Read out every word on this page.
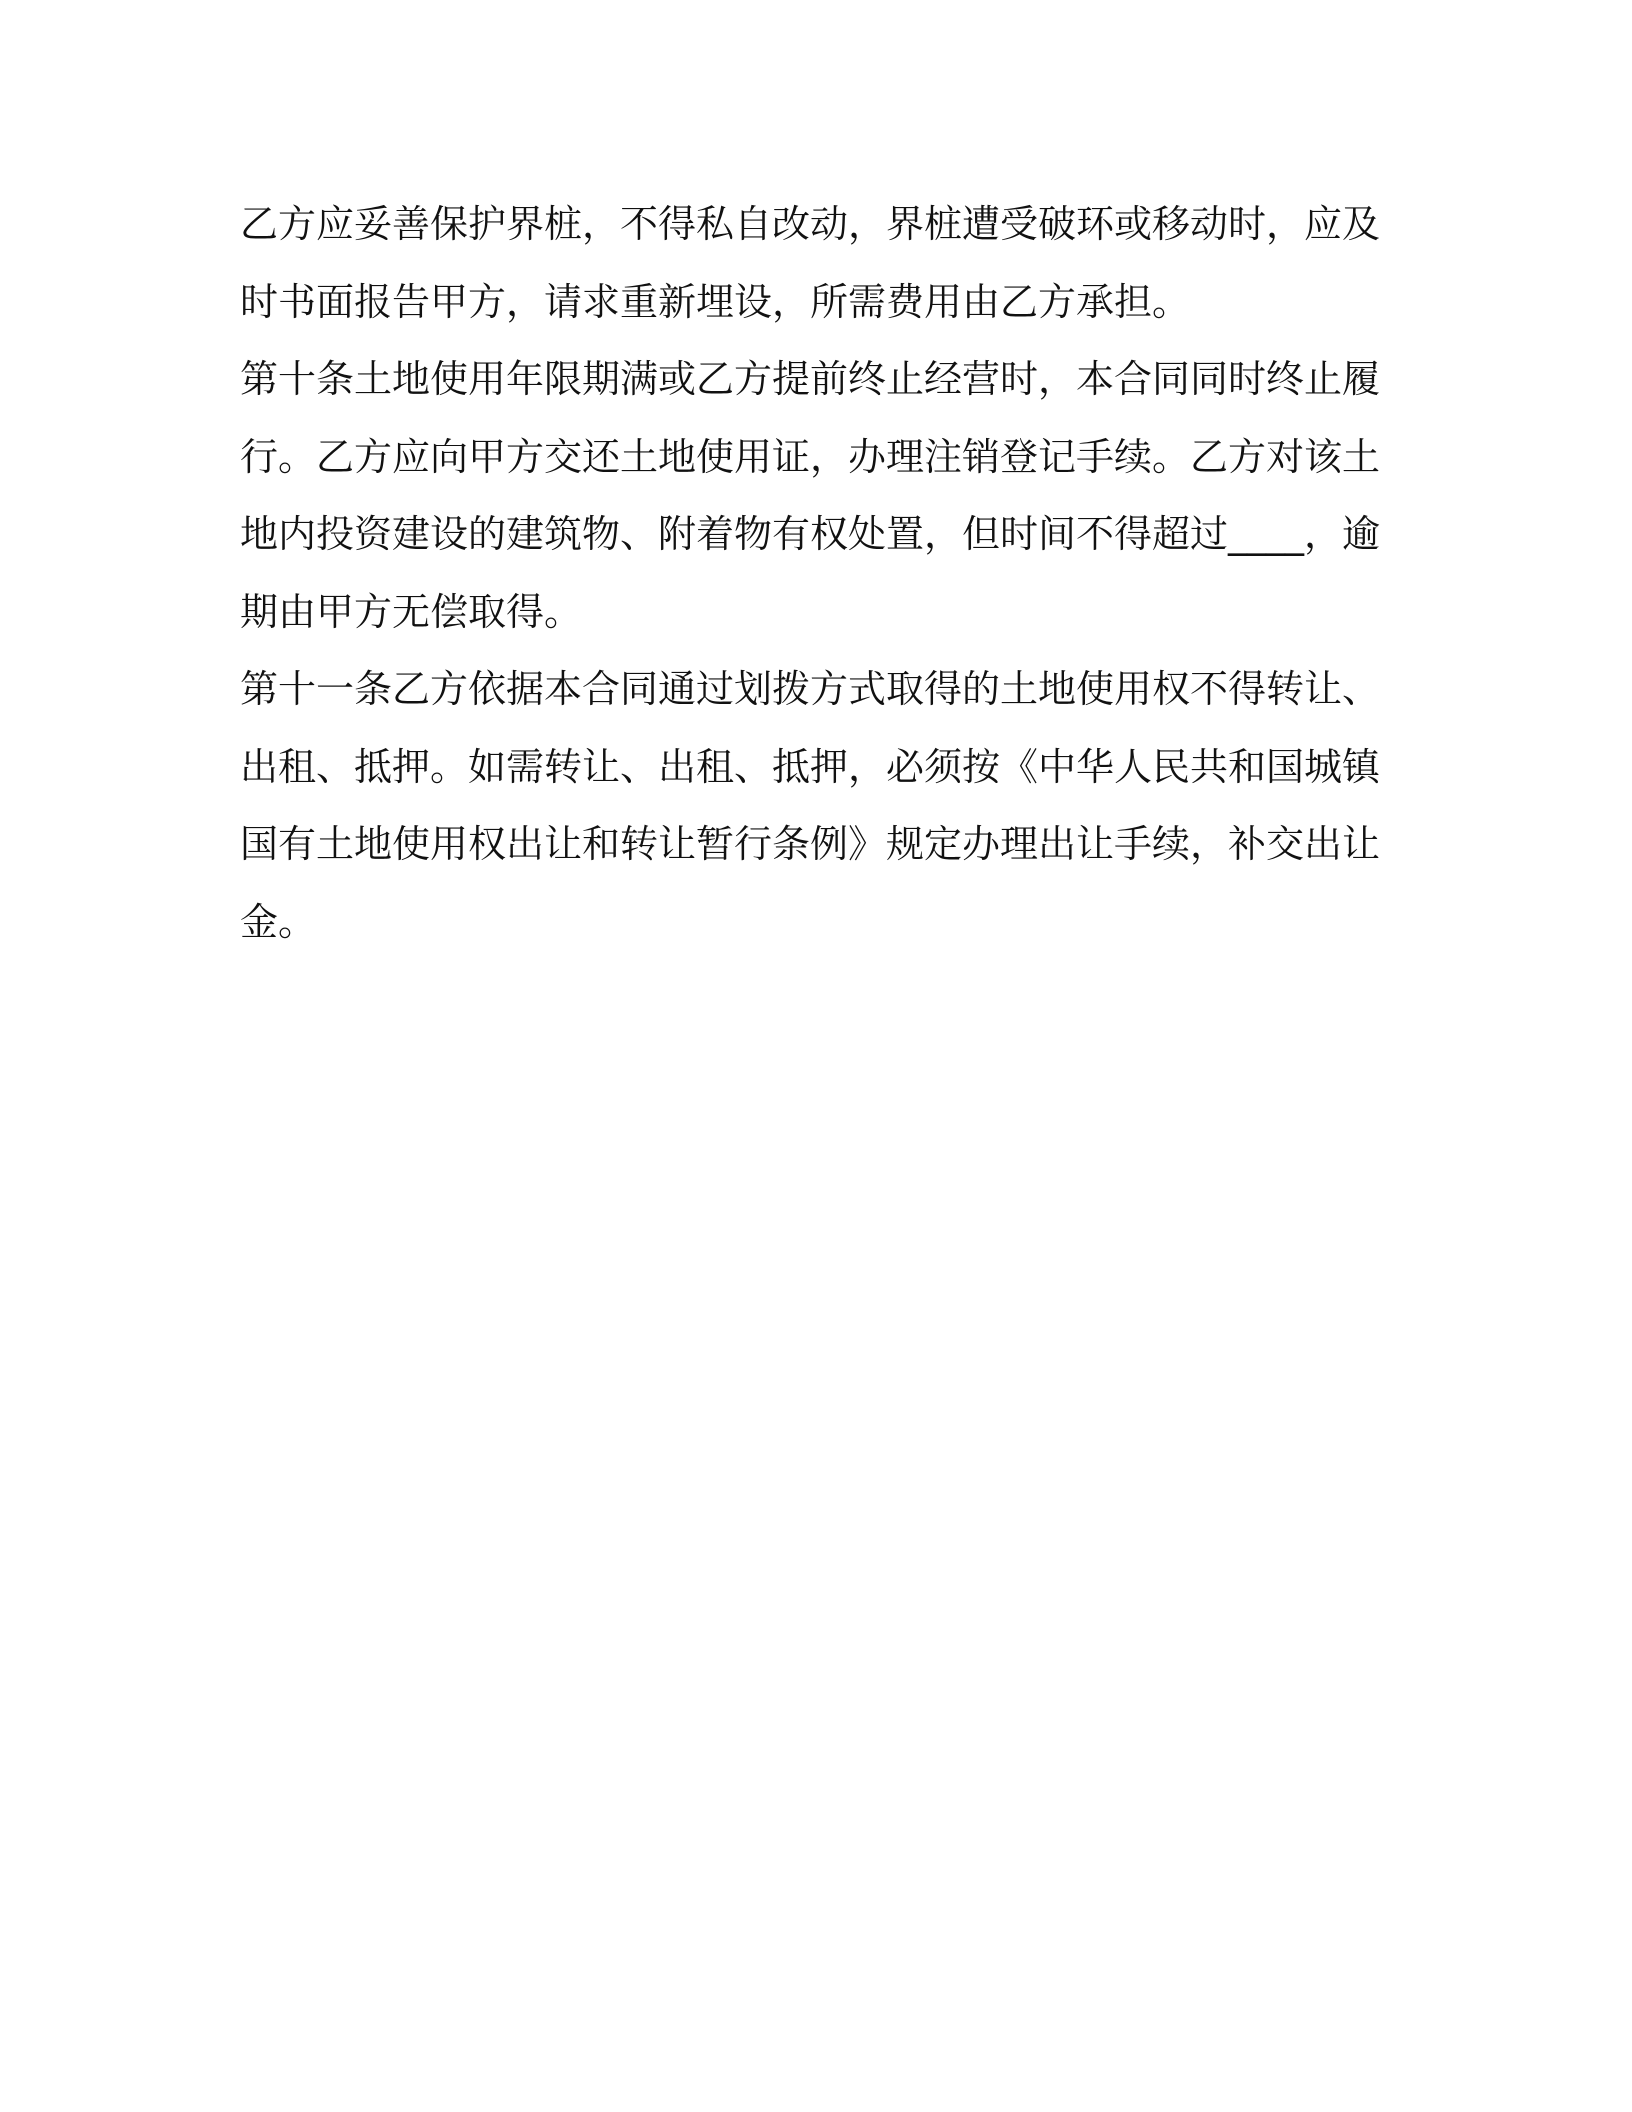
乙方应妥善保护界桩，不得私自改动，界桩遭受破环或移动时，应及
时书面报告甲方，请求重新埋设，所需费用由乙方承担。
第十条土地使用年限期满或乙方提前终止经营时，本合同同时终止履
行。乙方应向甲方交还土地使用证，办理注销登记手续。乙方对该土
地内投资建设的建筑物、附着物有权处置，但时间不得超过____，逾
期由甲方无偿取得。
第十一条乙方依据本合同通过划拨方式取得的土地使用权不得转让、
出租、抵押。如需转让、出租、抵押，必须按《中华人民共和国城镇
国有土地使用权出让和转让暂行条例》规定办理出让手续，补交出让
金。
